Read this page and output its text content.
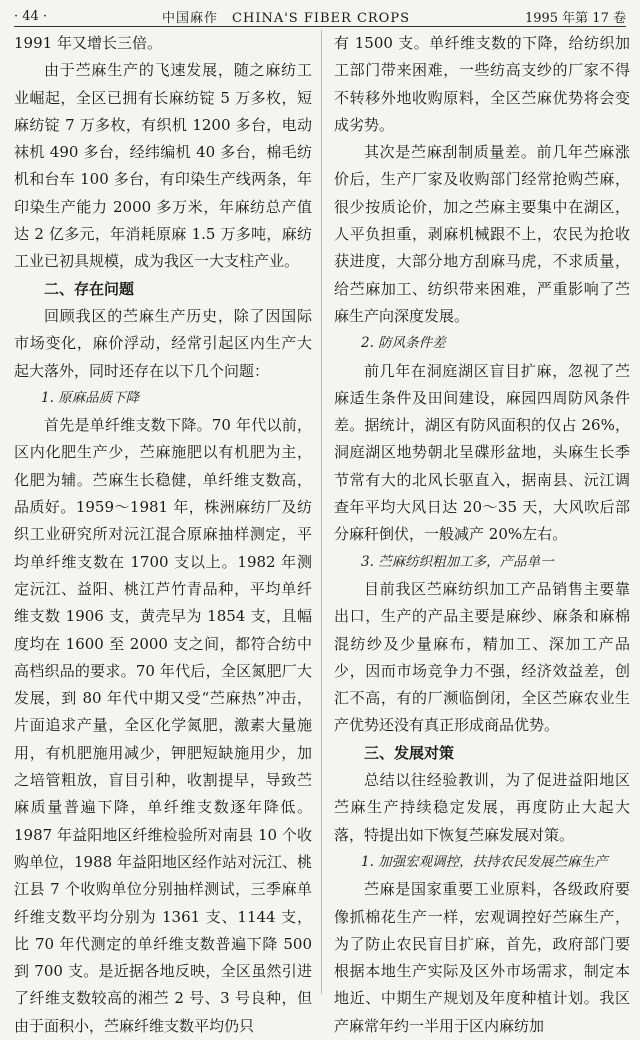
· 44 ·	中国麻作　CHINA'S FIBER CROPS	1995 年第 17 卷

1991 年又增长三倍。

由于苎麻生产的飞速发展，随之麻纺工业崛起，全区已拥有长麻纺锭 5 万多枚，短麻纺锭 7 万多枚，有织机 1200 多台，电动袜机 490 多台，经纬编机 40 多台，棉毛纺机和台车 100 多台，有印染生产线两条，年印染生产能力 2000 多万米，年麻纺总产值达 2 亿多元，年消耗原麻 1.5 万多吨，麻纺工业已初具规模，成为我区一大支柱产业。

二、存在问题

回顾我区的苎麻生产历史，除了因国际市场变化，麻价浮动，经常引起区内生产大起大落外，同时还存在以下几个问题：

1. 原麻品质下降

首先是单纤维支数下降。70 年代以前，区内化肥生产少，苎麻施肥以有机肥为主，化肥为辅。苎麻生长稳健，单纤维支数高，品质好。1959～1981 年，株洲麻纺厂及纺织工业研究所对沅江混合原麻抽样测定，平均单纤维支数在 1700 支以上。1982 年测定沅江、益阳、桃江芦竹青品种，平均单纤维支数 1906 支，黄壳早为 1854 支，且幅度均在 1600 至 2000 支之间，都符合纺中高档织品的要求。70 年代后，全区氮肥厂大发展，到 80 年代中期又受“苎麻热”冲击，片面追求产量，全区化学氮肥，激素大量施用，有机肥施用减少，钾肥短缺施用少，加之培管粗放，盲目引种，收割提早，导致苎麻质量普遍下降，单纤维支数逐年降低。1987 年益阳地区纤维检验所对南县 10 个收购单位，1988 年益阳地区经作站对沅江、桃江县 7 个收购单位分别抽样测试，三季麻单纤维支数平均分别为 1361 支、1144 支，比 70 年代测定的单纤维支数普遍下降 500 到 700 支。是近据各地反映，全区虽然引进了纤维支数较高的湘苎 2 号、3 号良种，但由于面积小，苎麻纤维支数平均仍只

有 1500 支。单纤维支数的下降，给纺织加工部门带来困难，一些纺高支纱的厂家不得不转移外地收购原料，全区苎麻优势将会变成劣势。

其次是苎麻刮制质量差。前几年苎麻涨价后，生产厂家及收购部门经常抢购苎麻，很少按质论价，加之苎麻主要集中在湖区，人平负担重，剥麻机械跟不上，农民为抢收获进度，大部分地方刮麻马虎，不求质量，给苎麻加工、纺织带来困难，严重影响了苎麻生产向深度发展。

2. 防风条件差

前几年在洞庭湖区盲目扩麻，忽视了苎麻适生条件及田间建设，麻园四周防风条件差。据统计，湖区有防风面积的仅占 26%，洞庭湖区地势朝北呈碟形盆地，头麻生长季节常有大的北风长驱直入，据南县、沅江调查年平均大风日达 20～35 天，大风吹后部分麻秆倒伏，一般减产 20%左右。

3. 苎麻纺织粗加工多，产品单一

目前我区苎麻纺织加工产品销售主要靠出口，生产的产品主要是麻纱、麻条和麻棉混纺纱及少量麻布，精加工、深加工产品少，因而市场竞争力不强，经济效益差，创汇不高，有的厂濒临倒闭，全区苎麻农业生产优势还没有真正形成商品优势。

三、发展对策

总结以往经验教训，为了促进益阳地区苎麻生产持续稳定发展，再度防止大起大落，特提出如下恢复苎麻发展对策。

1. 加强宏观调控，扶持农民发展苎麻生产

苎麻是国家重要工业原料，各级政府要像抓棉花生产一样，宏观调控好苎麻生产，为了防止农民盲目扩麻，首先，政府部门要根据本地生产实际及区外市场需求，制定本地近、中期生产规划及年度种植计划。我区产麻常年约一半用于区内麻纺加
